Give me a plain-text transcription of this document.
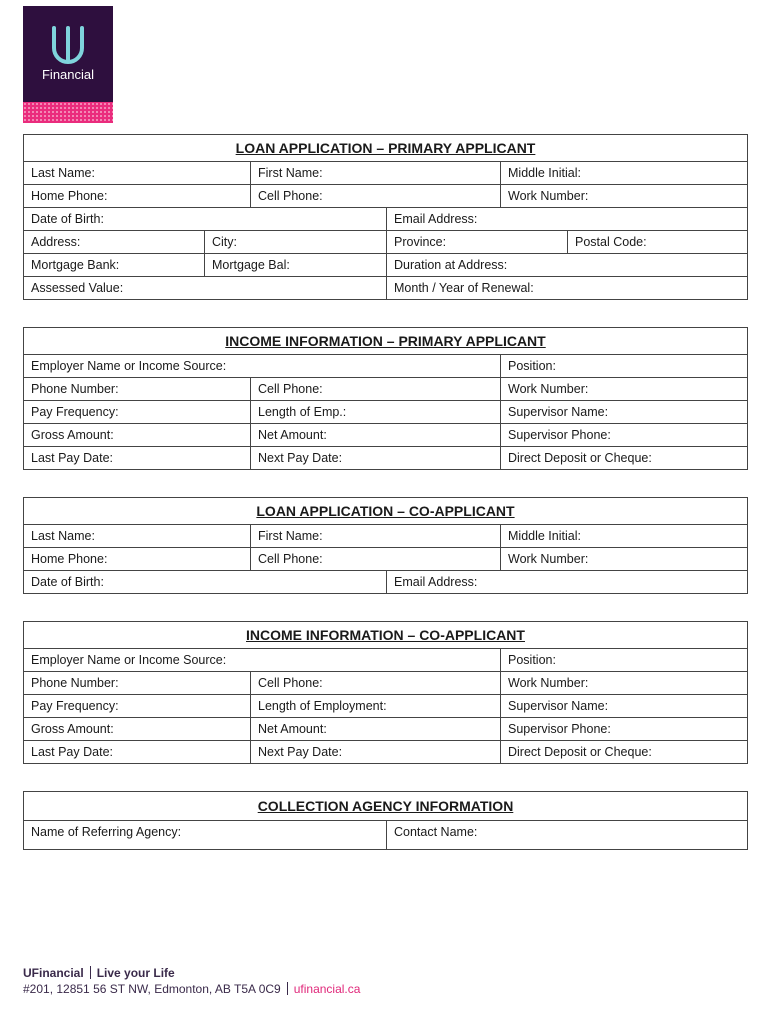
Financial
LOAN APPLICATION – PRIMARY APPLICANT
Last Name:	First Name:	Middle Initial:
Home Phone:	Cell Phone:	Work Number:
Date of Birth:	Email Address:
Address:	City:	Province:	Postal Code:
Mortgage Bank:	Mortgage Bal:	Duration at Address:
Assessed Value:	Month / Year of Renewal:
INCOME INFORMATION – PRIMARY APPLICANT
Employer Name or Income Source:	Position:
Phone Number:	Cell Phone:	Work Number:
Pay Frequency:	Length of Emp.:	Supervisor Name:
Gross Amount:	Net Amount:	Supervisor Phone:
Last Pay Date:	Next Pay Date:	Direct Deposit or Cheque:
LOAN APPLICATION – CO-APPLICANT
Last Name:	First Name:	Middle Initial:
Home Phone:	Cell Phone:	Work Number:
Date of Birth:	Email Address:
INCOME INFORMATION – CO-APPLICANT
Employer Name or Income Source:	Position:
Phone Number:	Cell Phone:	Work Number:
Pay Frequency:	Length of Employment:	Supervisor Name:
Gross Amount:	Net Amount:	Supervisor Phone:
Last Pay Date:	Next Pay Date:	Direct Deposit or Cheque:
COLLECTION AGENCY INFORMATION
Name of Referring Agency:	Contact Name:
UFinancial Live your Life
#201, 12851 56 ST NW, Edmonton, AB T5A 0C9 ufinancial.ca
